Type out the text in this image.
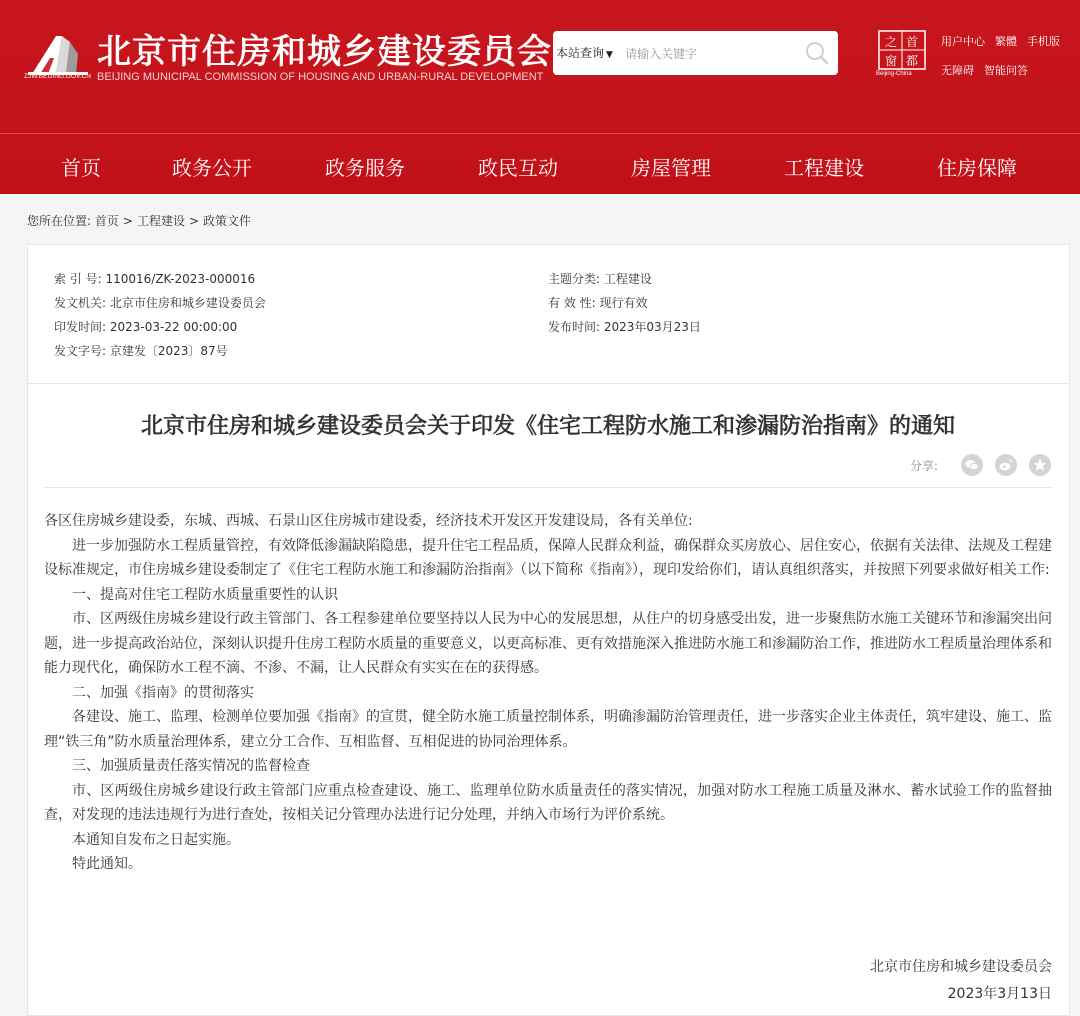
ZJW.BEIJING.GOV.CN
北京市住房和城乡建设委员会
BEIJING MUNICIPAL COMMISSION OF HOUSING AND URBAN-RURAL DEVELOPMENT
本站查询 ▼
请输入关键字
之 首
窗 都
Beijing-China
用户中心 繁體 手机版
无障碍 智能问答
首页	政务公开	政务服务	政民互动	房屋管理	工程建设	住房保障
您所在位置: 首页 > 工程建设 > 政策文件
索 引 号: 110016/ZK-2023-000016	主题分类: 工程建设
发文机关: 北京市住房和城乡建设委员会	有 效 性: 现行有效
印发时间: 2023-03-22 00:00:00	发布时间: 2023年03月23日
发文字号: 京建发〔2023〕87号
北京市住房和城乡建设委员会关于印发《住宅工程防水施工和渗漏防治指南》的通知
分享:

各区住房城乡建设委，东城、西城、石景山区住房城市建设委，经济技术开发区开发建设局，各有关单位:

进一步加强防水工程质量管控，有效降低渗漏缺陷隐患，提升住宅工程品质，保障人民群众利益，确保群众买房放心、居住安心，依据有关法律、法规及工程建设标准规定，市住房城乡建设委制定了《住宅工程防水施工和渗漏防治指南》（以下简称《指南》），现印发给你们，请认真组织落实，并按照下列要求做好相关工作:

一、提高对住宅工程防水质量重要性的认识

市、区两级住房城乡建设行政主管部门、各工程参建单位要坚持以人民为中心的发展思想，从住户的切身感受出发，进一步聚焦防水施工关键环节和渗漏突出问题，进一步提高政治站位，深刻认识提升住房工程防水质量的重要意义，以更高标准、更有效措施深入推进防水施工和渗漏防治工作，推进防水工程质量治理体系和能力现代化，确保防水工程不滴、不渗、不漏，让人民群众有实实在在的获得感。

二、加强《指南》的贯彻落实

各建设、施工、监理、检测单位要加强《指南》的宣贯，健全防水施工质量控制体系，明确渗漏防治管理责任，进一步落实企业主体责任，筑牢建设、施工、监理“铁三角”防水质量治理体系，建立分工合作、互相监督、互相促进的协同治理体系。

三、加强质量责任落实情况的监督检查

市、区两级住房城乡建设行政主管部门应重点检查建设、施工、监理单位防水质量责任的落实情况，加强对防水工程施工质量及淋水、蓄水试验工作的监督抽查，对发现的违法违规行为进行查处，按相关记分管理办法进行记分处理，并纳入市场行为评价系统。

本通知自发布之日起实施。

特此通知。

北京市住房和城乡建设委员会
2023年3月13日
